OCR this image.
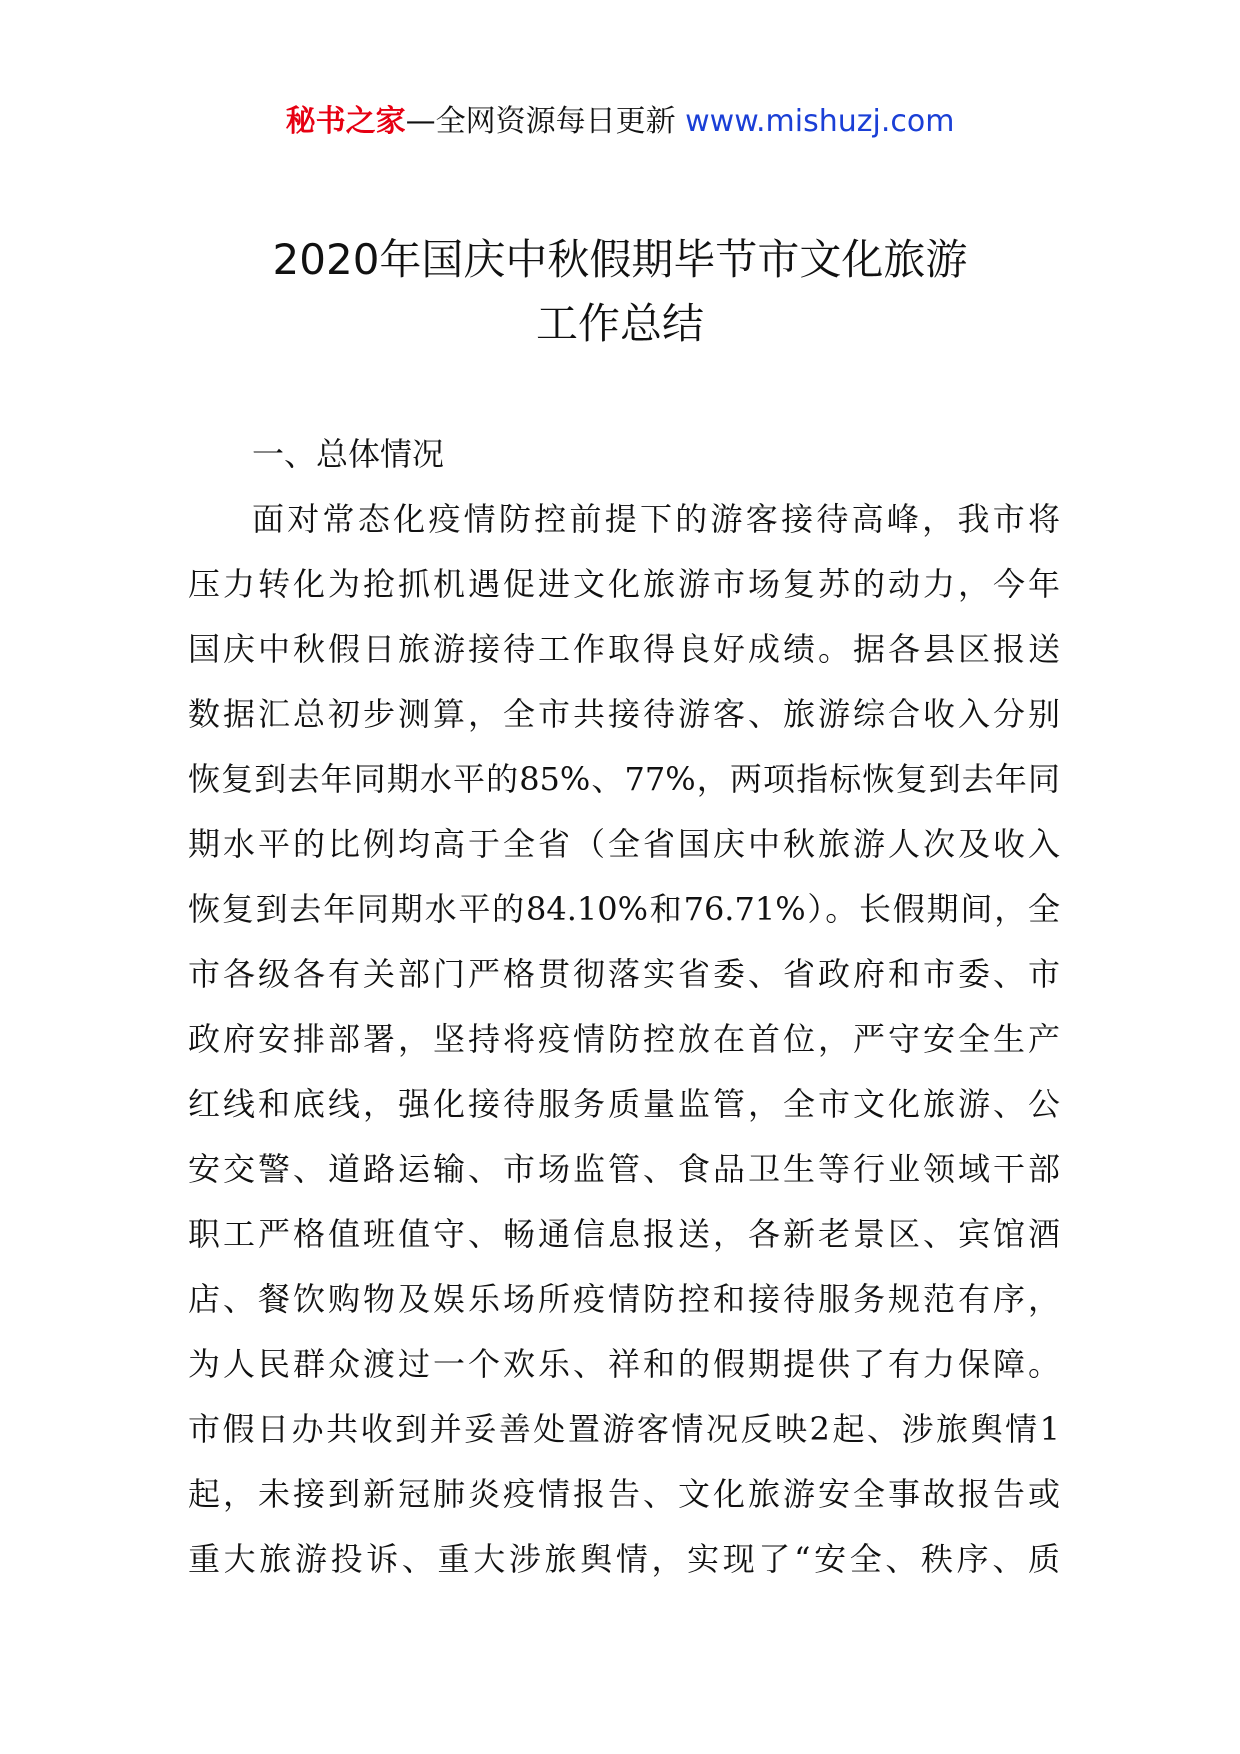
秘书之家—全网资源每日更新 www.mishuzj.com
2020年国庆中秋假期毕节市文化旅游
工作总结

一、总体情况

面对常态化疫情防控前提下的游客接待高峰，我市将
压力转化为抢抓机遇促进文化旅游市场复苏的动力，今年
国庆中秋假日旅游接待工作取得良好成绩。据各县区报送
数据汇总初步测算，全市共接待游客、旅游综合收入分别
恢复到去年同期水平的85%、77%，两项指标恢复到去年同
期水平的比例均高于全省（全省国庆中秋旅游人次及收入
恢复到去年同期水平的84.10%和76.71%）。长假期间，全
市各级各有关部门严格贯彻落实省委、省政府和市委、市
政府安排部署，坚持将疫情防控放在首位，严守安全生产
红线和底线，强化接待服务质量监管，全市文化旅游、公
安交警、道路运输、市场监管、食品卫生等行业领域干部
职工严格值班值守、畅通信息报送，各新老景区、宾馆酒
店、餐饮购物及娱乐场所疫情防控和接待服务规范有序，
为人民群众渡过一个欢乐、祥和的假期提供了有力保障。
市假日办共收到并妥善处置游客情况反映2起、涉旅舆情1
起，未接到新冠肺炎疫情报告、文化旅游安全事故报告或
重大旅游投诉、重大涉旅舆情，实现了“安全、秩序、质
